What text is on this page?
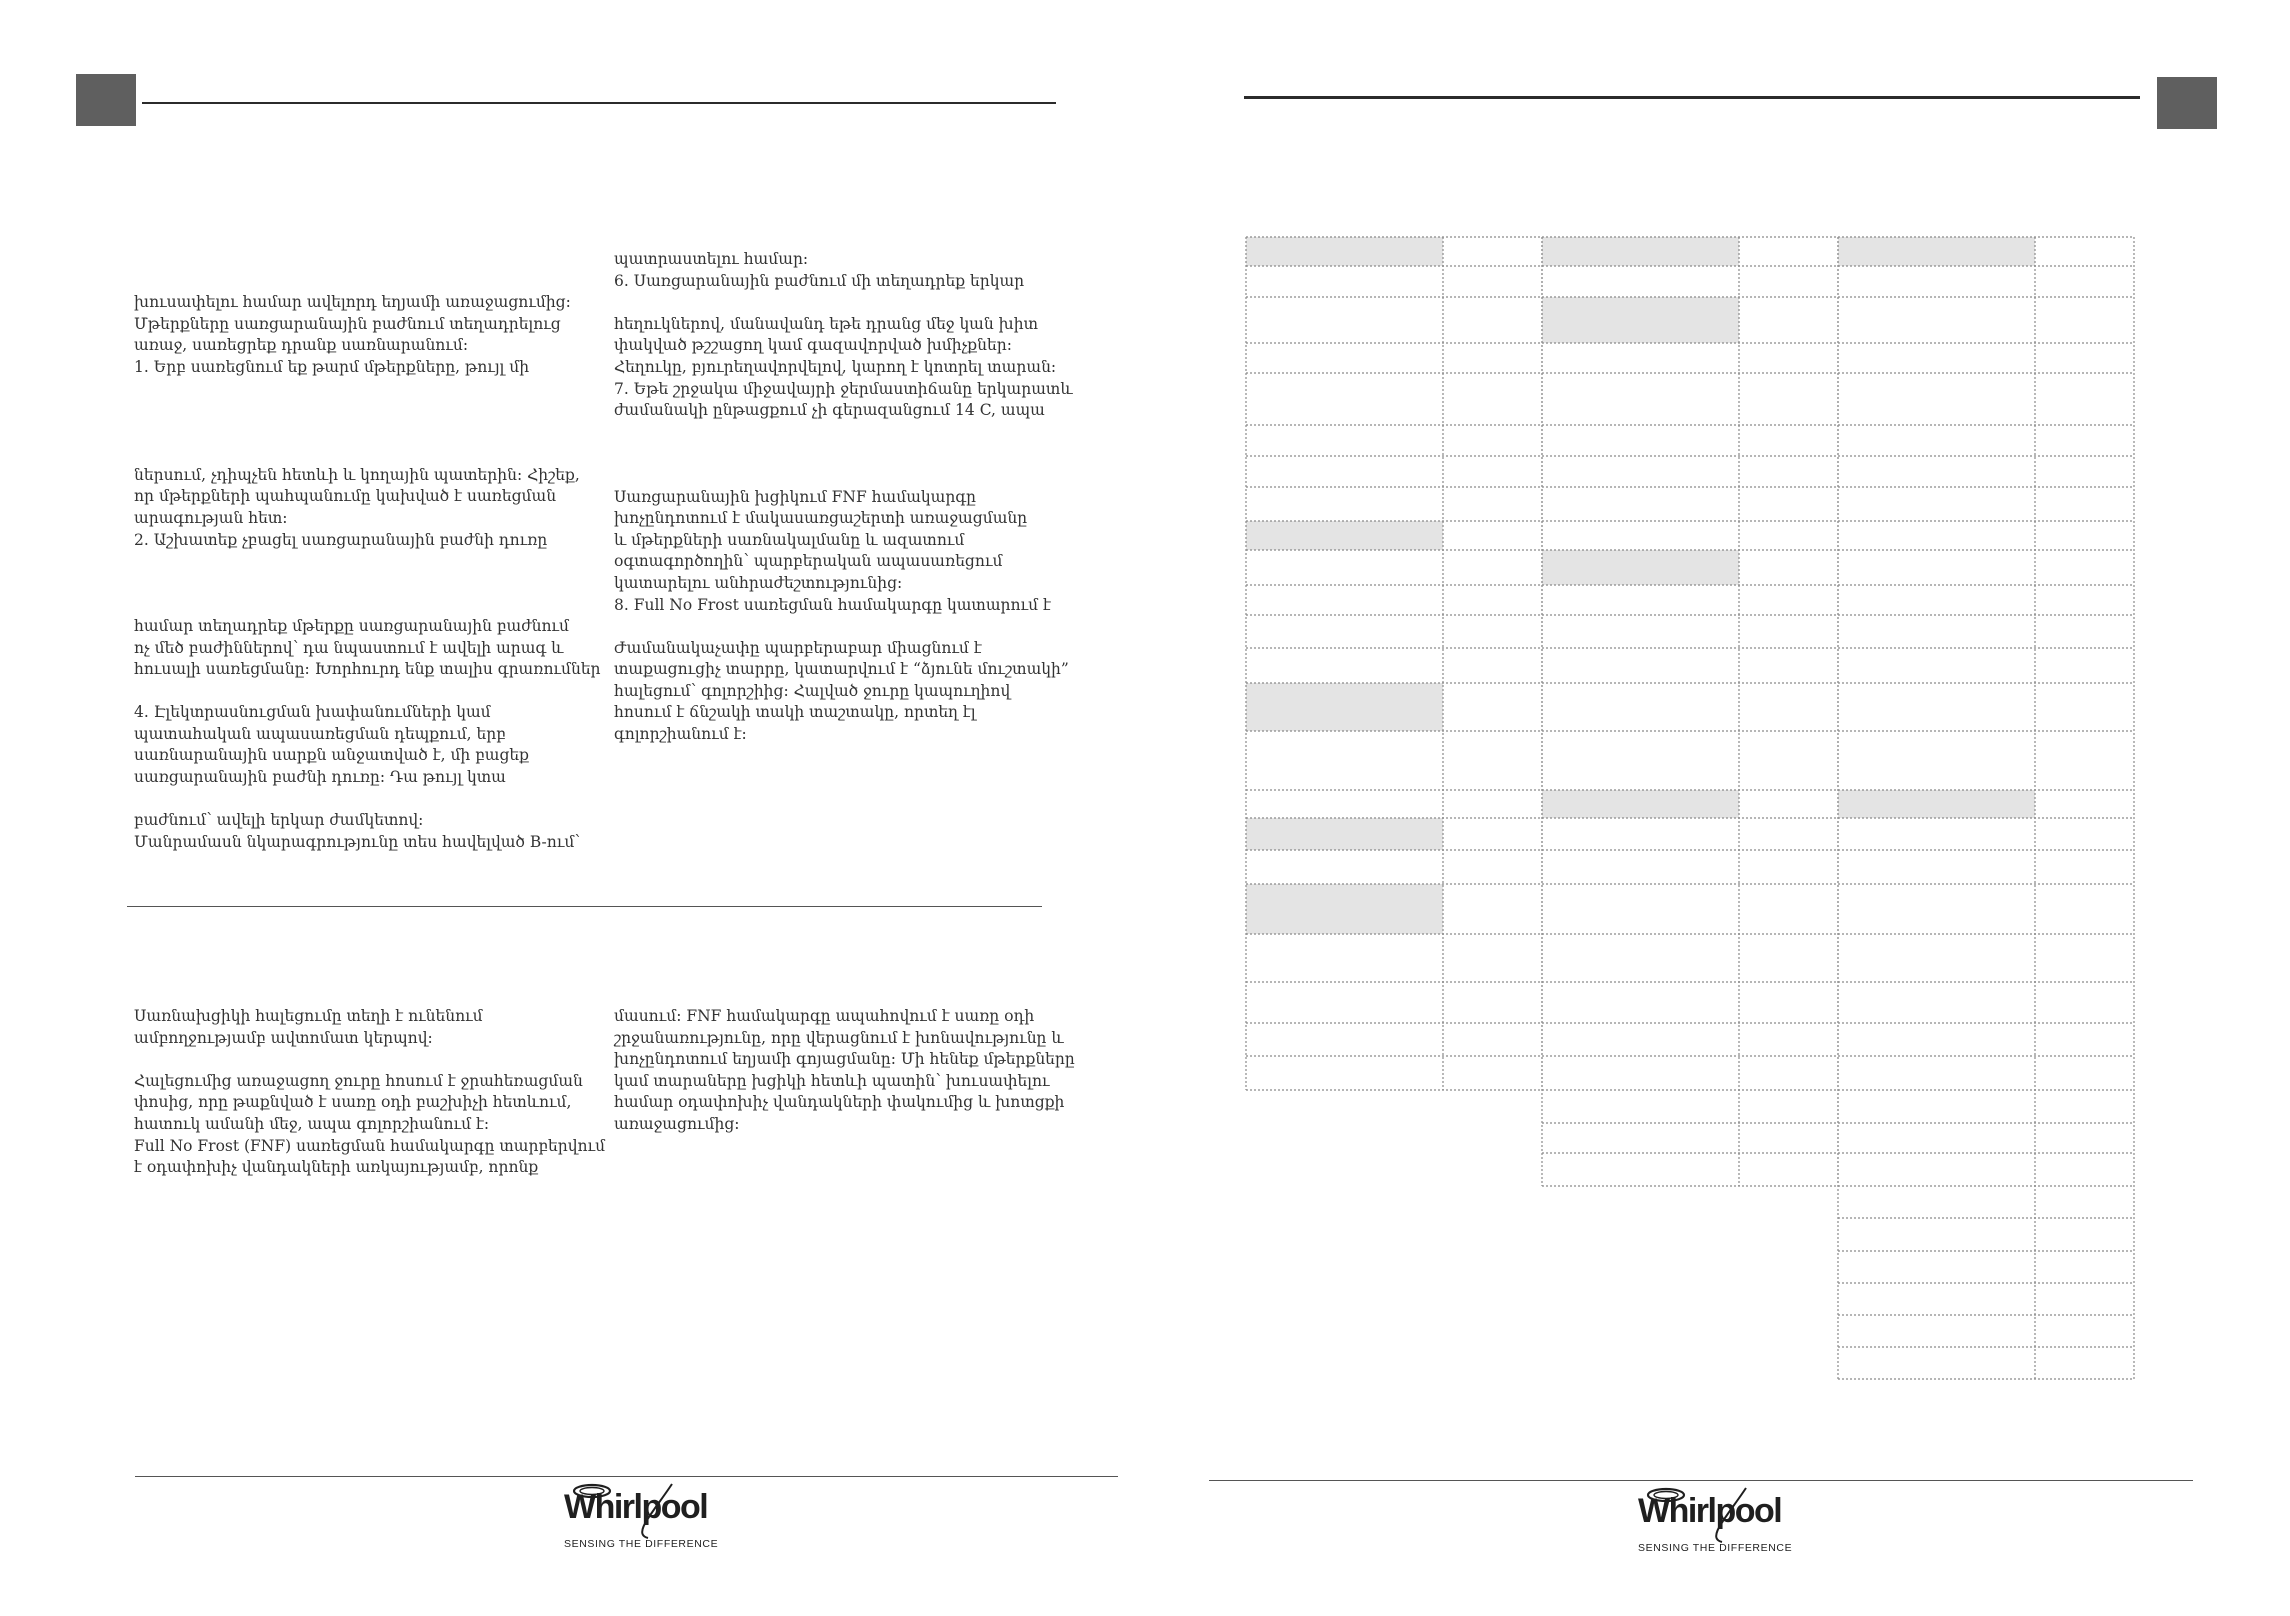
խուսափելու համար ավելորդ եղյամի առաջացումից:
Մթերքները սառցարանային բաժնում տեղադրելուց
առաջ, սառեցրեք դրանք սառնարանում:
1. Երբ սառեցնում եք թարմ մթերքները, թույլ մի

ներսում, չդիպչեն հետևի և կողային պատերին: Հիշեք,
որ մթերքների պահպանումը կախված է սառեցման
արագության հետ:
2. Աշխատեք չբացել սառցարանային բաժնի դուռը

համար տեղադրեք մթերքը սառցարանային բաժնում
ոչ մեծ բաժիններով՝ դա նպաստում է ավելի արագ և
հուսալի սառեցմանը: Խորհուրդ ենք տալիս գրառումներ

4. Էլեկտրասնուցման խափանումների կամ
պատահական ապասառեցման դեպքում, երբ
սառնարանային սարքն անջատված է, մի բացեք
սառցարանային բաժնի դուռը: Դա թույլ կտա

բաժնում՝ ավելի երկար ժամկետով:
Մանրամասն նկարագրությունը տես հավելված B-ում՝
պատրաստելու համար:
6. Սառցարանային բաժնում մի տեղադրեք երկար

հեղուկներով, մանավանդ եթե դրանց մեջ կան խիտ
փակված թշշացող կամ գազավորված խմիչքներ:
Հեղուկը, բյուրեղավորվելով, կարող է կոտրել տարան:
7. Եթե շրջակա միջավայրի ջերմաստիճանը երկարատև
ժամանակի ընթացքում չի գերազանցում 14 C, ապա

Սառցարանային խցիկում FNF համակարգը
խոչընդոտում է մակասառցաշերտի առաջացմանը
և մթերքների սառնակալմանը և ազատում
օգտագործողին՝ պարբերական ապասառեցում
կատարելու անհրաժեշտությունից:
8. Full No Frost սառեցման համակարգը կատարում է

Ժամանակաչափը պարբերաբար միացնում է
տաքացուցիչ տարրը, կատարվում է “ձյունե մուշտակի”
հալեցում՝ գոլորշիից: Հալված ջուրը կապուղիով
հոսում է ճնշակի տակի տաշտակը, որտեղ էլ
գոլորշիանում է:
Սառնախցիկի հալեցումը տեղի է ունենում
ամբողջությամբ ավտոմատ կերպով:

Հալեցումից առաջացող ջուրը հոսում է ջրահեռացման
փոսից, որը թաքնված է սառը օդի բաշխիչի հետևում,
հատուկ ամանի մեջ, ապա գոլորշիանում է:
Full No Frost (FNF) սառեցման համակարգը տարբերվում
է օդափոխիչ վանդակների առկայությամբ, որոնք
մասում: FNF համակարգը ապահովում է սառը օդի
շրջանառությունը, որը վերացնում է խոնավությունը և
խոչընդոտում եղյամի գոյացմանը: Մի հենեք մթերքները
կամ տարաները խցիկի հետևի պատին՝ խուսափելու
համար օդափոխիչ վանդակների փակումից և խոտցքի
առաջացումից:
Whirlpool
SENSING THE DIFFERENCE
Whirlpool
SENSING THE DIFFERENCE
